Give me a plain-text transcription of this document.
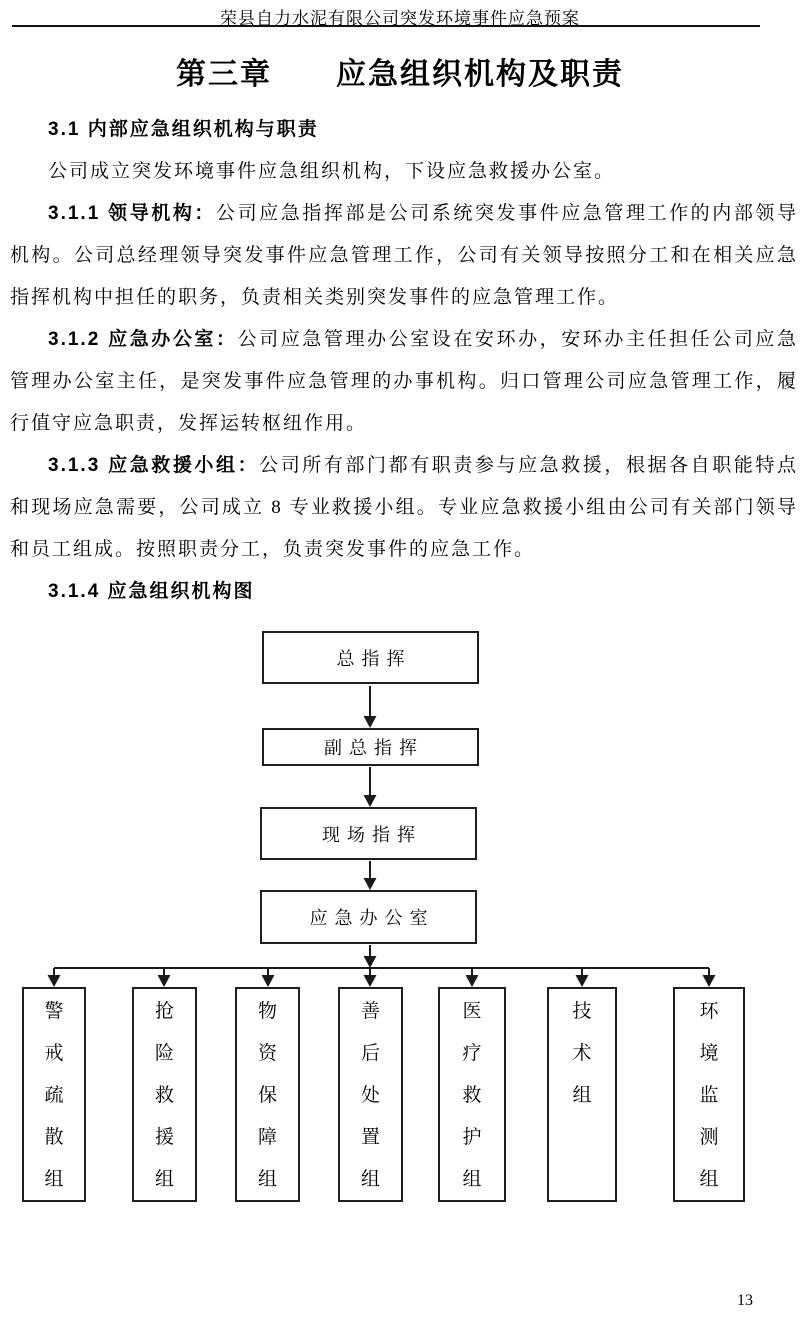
荣县自力水泥有限公司突发环境事件应急预案
第三章　　应急组织机构及职责

3.1 内部应急组织机构与职责

公司成立突发环境事件应急组织机构，下设应急救援办公室。

3.1.1 领导机构：公司应急指挥部是公司系统突发事件应急管理工作的内部领导机构。公司总经理领导突发事件应急管理工作，公司有关领导按照分工和在相关应急指挥机构中担任的职务，负责相关类别突发事件的应急管理工作。

3.1.2 应急办公室：公司应急管理办公室设在安环办，安环办主任担任公司应急管理办公室主任，是突发事件应急管理的办事机构。归口管理公司应急管理工作，履行值守应急职责，发挥运转枢纽作用。

3.1.3 应急救援小组：公司所有部门都有职责参与应急救援，根据各自职能特点和现场应急需要，公司成立 8 专业救援小组。专业应急救援小组由公司有关部门领导和员工组成。按照职责分工，负责突发事件的应急工作。

3.1.4 应急组织机构图

总指挥
副总指挥
现场指挥
应急办公室
警戒疏散组
抢险救援组
物资保障组
善后处置组
医疗救护组
技术组
环境监测组
13
